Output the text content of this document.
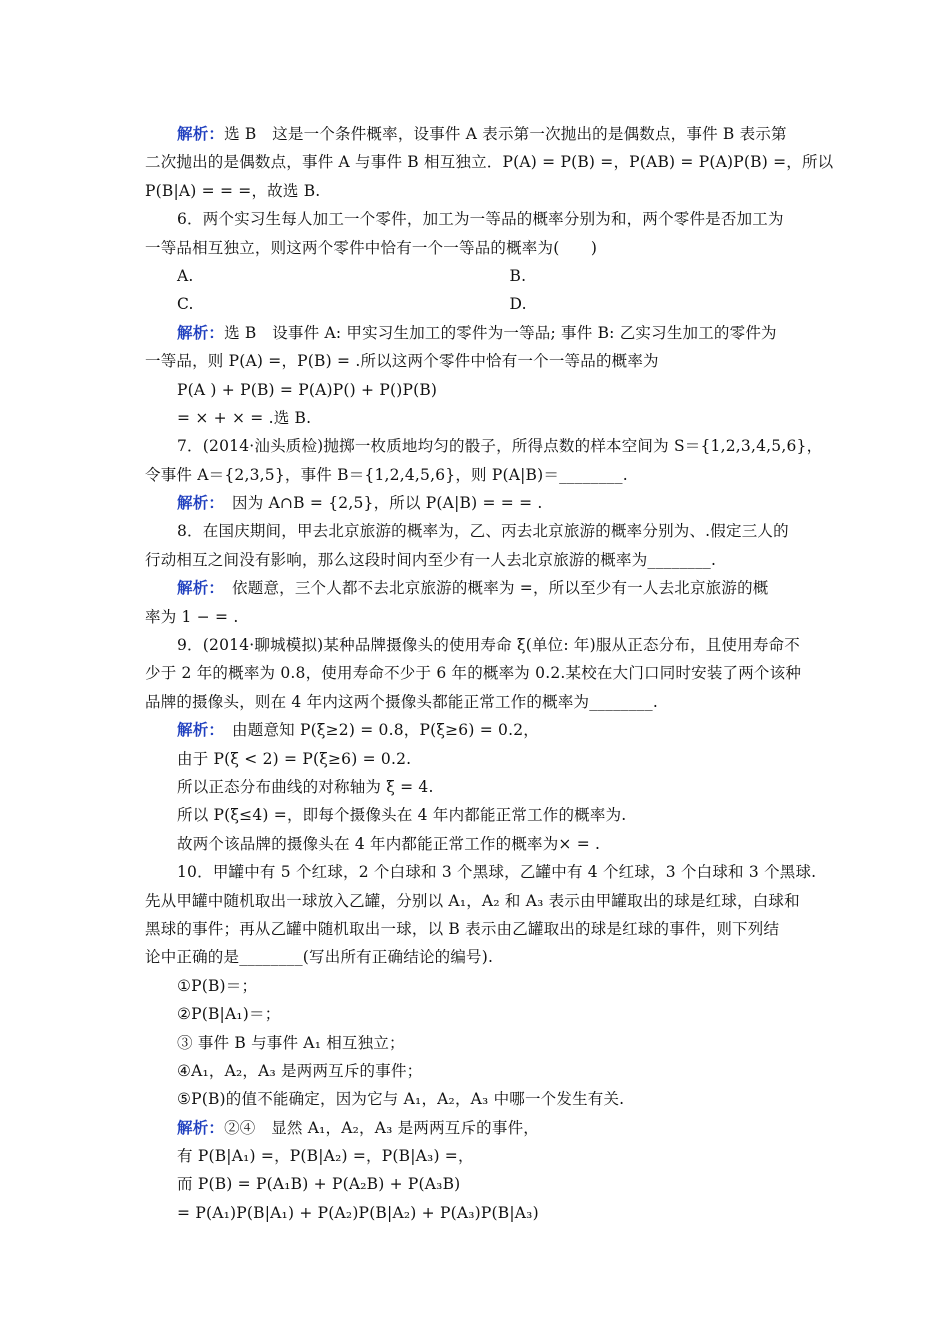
解析：选 B　这是一个条件概率，设事件 A 表示第一次抛出的是偶数点，事件 B 表示第
二次抛出的是偶数点，事件 A 与事件 B 相互独立．P(A) = P(B) =，P(AB) = P(A)P(B) =，所以
P(B|A) = = =，故选 B.
6．两个实习生每人加工一个零件，加工为一等品的概率分别为和，两个零件是否加工为
一等品相互独立，则这两个零件中恰有一个一等品的概率为(　　)
A.	B.
C.	D.
解析：选 B　设事件 A: 甲实习生加工的零件为一等品; 事件 B: 乙实习生加工的零件为
一等品，则 P(A) =，P(B) = .所以这两个零件中恰有一个一等品的概率为
P(A ) + P(B) = P(A)P() + P()P(B)
= × + × = .选 B.
7．(2014·汕头质检)抛掷一枚质地均匀的骰子，所得点数的样本空间为 S＝{1,2,3,4,5,6}，
令事件 A＝{2,3,5}，事件 B＝{1,2,4,5,6}，则 P(A|B)＝________.
解析：　因为 A∩B = {2,5}，所以 P(A|B) = = = .
8．在国庆期间，甲去北京旅游的概率为，乙、丙去北京旅游的概率分别为、.假定三人的
行动相互之间没有影响，那么这段时间内至少有一人去北京旅游的概率为________.
解析：　依题意，三个人都不去北京旅游的概率为 =，所以至少有一人去北京旅游的概
率为 1 − = .
9．(2014·聊城模拟)某种品牌摄像头的使用寿命 ξ(单位: 年)服从正态分布，且使用寿命不
少于 2 年的概率为 0.8，使用寿命不少于 6 年的概率为 0.2.某校在大门口同时安装了两个该种
品牌的摄像头，则在 4 年内这两个摄像头都能正常工作的概率为________.
解析：　由题意知 P(ξ≥2) = 0.8，P(ξ≥6) = 0.2，
由于 P(ξ < 2) = P(ξ≥6) = 0.2.
所以正态分布曲线的对称轴为 ξ = 4.
所以 P(ξ≤4) =，即每个摄像头在 4 年内都能正常工作的概率为.
故两个该品牌的摄像头在 4 年内都能正常工作的概率为× = .
10．甲罐中有 5 个红球，2 个白球和 3 个黑球，乙罐中有 4 个红球，3 个白球和 3 个黑球.
先从甲罐中随机取出一球放入乙罐，分别以 A₁，A₂ 和 A₃ 表示由甲罐取出的球是红球，白球和
黑球的事件；再从乙罐中随机取出一球，以 B 表示由乙罐取出的球是红球的事件，则下列结
论中正确的是________(写出所有正确结论的编号).
①P(B)＝；
②P(B|A₁)＝；
③ 事件 B 与事件 A₁ 相互独立；
④A₁，A₂，A₃ 是两两互斥的事件；
⑤P(B)的值不能确定，因为它与 A₁，A₂，A₃ 中哪一个发生有关.
解析：②④　显然 A₁，A₂，A₃ 是两两互斥的事件，
有 P(B|A₁) =，P(B|A₂) =，P(B|A₃) =，
而 P(B) = P(A₁B) + P(A₂B) + P(A₃B)
= P(A₁)P(B|A₁) + P(A₂)P(B|A₂) + P(A₃)P(B|A₃)
